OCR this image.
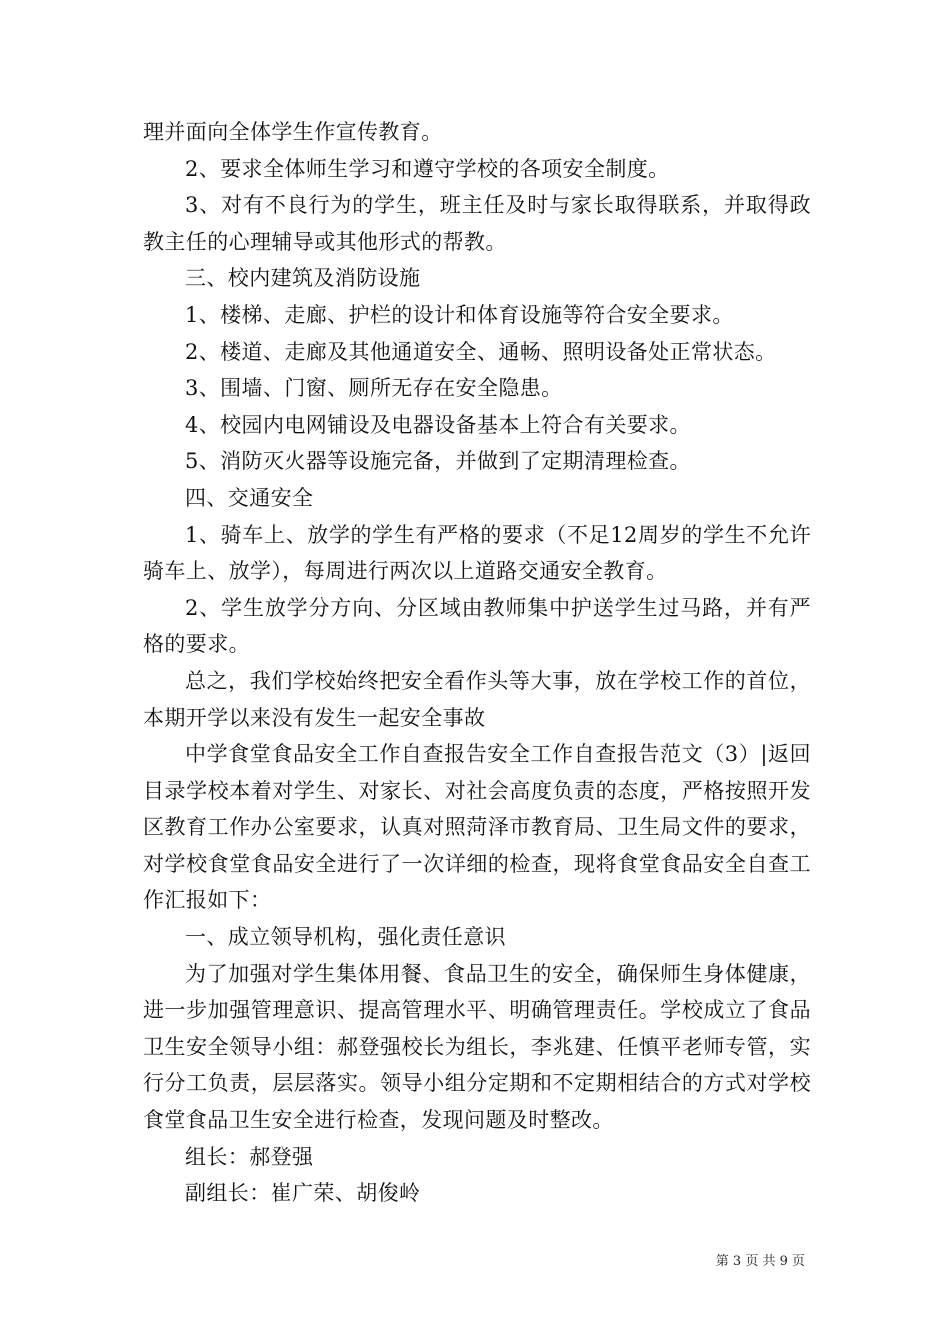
理并面向全体学生作宣传教育。

2、要求全体师生学习和遵守学校的各项安全制度。

3、对有不良行为的学生，班主任及时与家长取得联系，并取得政教主任的心理辅导或其他形式的帮教。

三、校内建筑及消防设施

1、楼梯、走廊、护栏的设计和体育设施等符合安全要求。

2、楼道、走廊及其他通道安全、通畅、照明设备处正常状态。

3、围墙、门窗、厕所无存在安全隐患。

4、校园内电网铺设及电器设备基本上符合有关要求。

5、消防灭火器等设施完备，并做到了定期清理检查。

四、交通安全

1、骑车上、放学的学生有严格的要求（不足12周岁的学生不允许骑车上、放学），每周进行两次以上道路交通安全教育。

2、学生放学分方向、分区域由教师集中护送学生过马路，并有严格的要求。

总之，我们学校始终把安全看作头等大事，放在学校工作的首位，本期开学以来没有发生一起安全事故

中学食堂食品安全工作自查报告安全工作自查报告范文（3）|返回目录学校本着对学生、对家长、对社会高度负责的态度，严格按照开发区教育工作办公室要求，认真对照菏泽市教育局、卫生局文件的要求，对学校食堂食品安全进行了一次详细的检查，现将食堂食品安全自查工作汇报如下：

一、成立领导机构，强化责任意识

为了加强对学生集体用餐、食品卫生的安全，确保师生身体健康，进一步加强管理意识、提高管理水平、明确管理责任。学校成立了食品卫生安全领导小组：郝登强校长为组长，李兆建、任慎平老师专管，实行分工负责，层层落实。领导小组分定期和不定期相结合的方式对学校食堂食品卫生安全进行检查，发现问题及时整改。

组长：郝登强

副组长：崔广荣、胡俊岭

第 3 页 共 9 页
